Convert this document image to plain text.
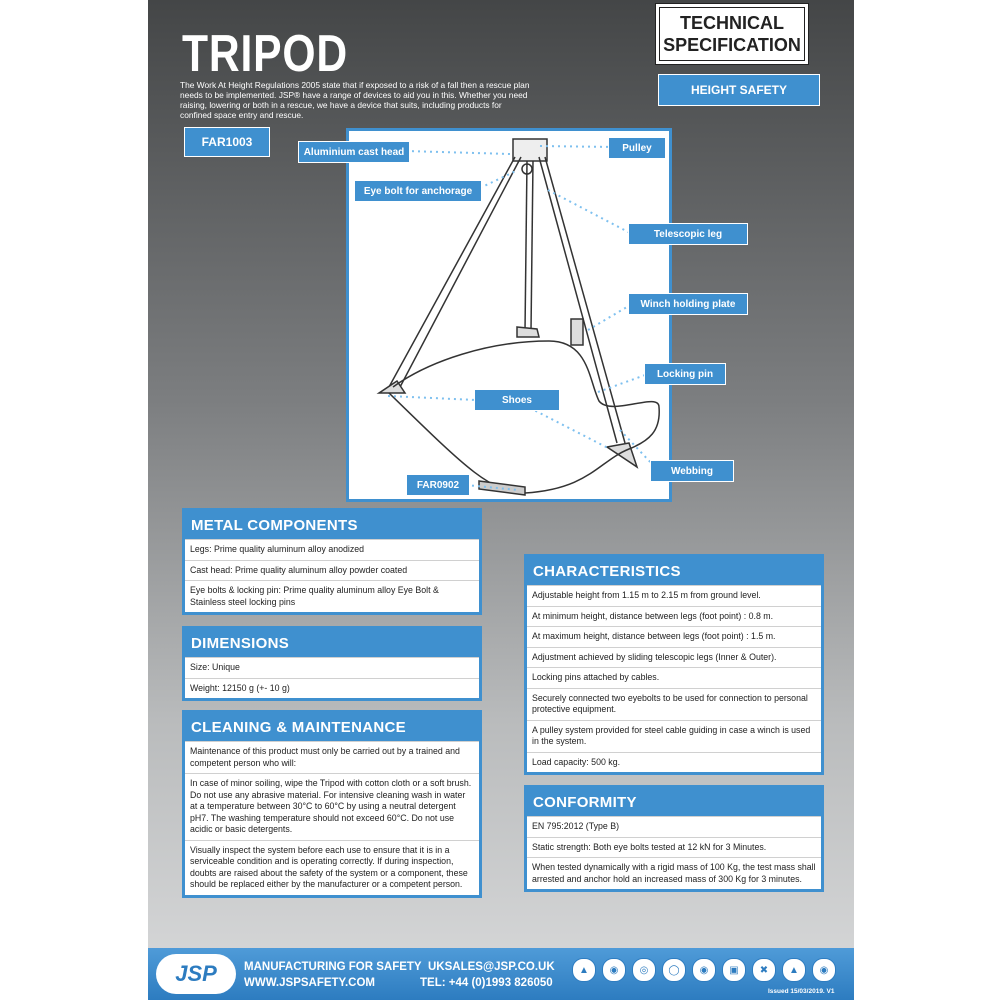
TRIPOD
The Work At Height Regulations 2005 state that if exposed to a risk of a fall then a rescue plan needs to be implemented. JSP® have a range of devices to aid you in this. Whether you need raising, lowering or both in a rescue, we have a device that suits, including products for confined space entry and rescue.
TECHNICAL
SPECIFICATION
HEIGHT SAFETY
FAR1003
Aluminium cast head	Pulley
Eye bolt for anchorage
Telescopic leg
Winch holding plate
Locking pin
Shoes
Webbing
FAR0902
METAL COMPONENTS
Legs: Prime quality aluminum alloy anodized
Cast head: Prime quality aluminum alloy powder coated
Eye bolts & locking pin: Prime quality aluminum alloy Eye Bolt & Stainless steel locking pins
DIMENSIONS
Size: Unique
Weight: 12150 g (+- 10 g)
CLEANING & MAINTENANCE
Maintenance of this product must only be carried out by a trained and competent person who will:
In case of minor soiling, wipe the Tripod with cotton cloth or a soft brush. Do not use any abrasive material. For intensive cleaning wash in water at a temperature between 30°C to 60°C by using a neutral detergent pH7. The washing temperature should not exceed 60°C. Do not use acidic or basic detergents.
Visually inspect the system before each use to ensure that it is in a serviceable condition and is operating correctly. If during inspection, doubts are raised about the safety of the system or a component, these should be replaced either by the manufacturer or a competent person.
CHARACTERISTICS
Adjustable height from 1.15 m to 2.15 m from ground level.
At minimum height, distance between legs (foot point) : 0.8 m.
At maximum height, distance between legs (foot point) : 1.5 m.
Adjustment achieved by sliding telescopic legs (Inner & Outer).
Locking pins attached by cables.
Securely connected two eyebolts to be used for connection to personal protective equipment.
A pulley system provided for steel cable guiding in case a winch is used in the system.
Load capacity: 500 kg.
CONFORMITY
EN 795:2012 (Type B)
Static strength: Both eye bolts tested at 12 kN for 3 Minutes.
When tested dynamically with a rigid mass of 100 Kg, the test mass shall arrested and anchor hold an increased mass of 300 Kg for 3 minutes.
JSP MANUFACTURING FOR SAFETY
WWW.JSPSAFETY.COM
UKSALES@JSP.CO.UK
TEL: +44 (0)1993 826050
▲	◉	◎	◯	◉	▣	✖	▲	◉
Issued 15/03/2019. V1
